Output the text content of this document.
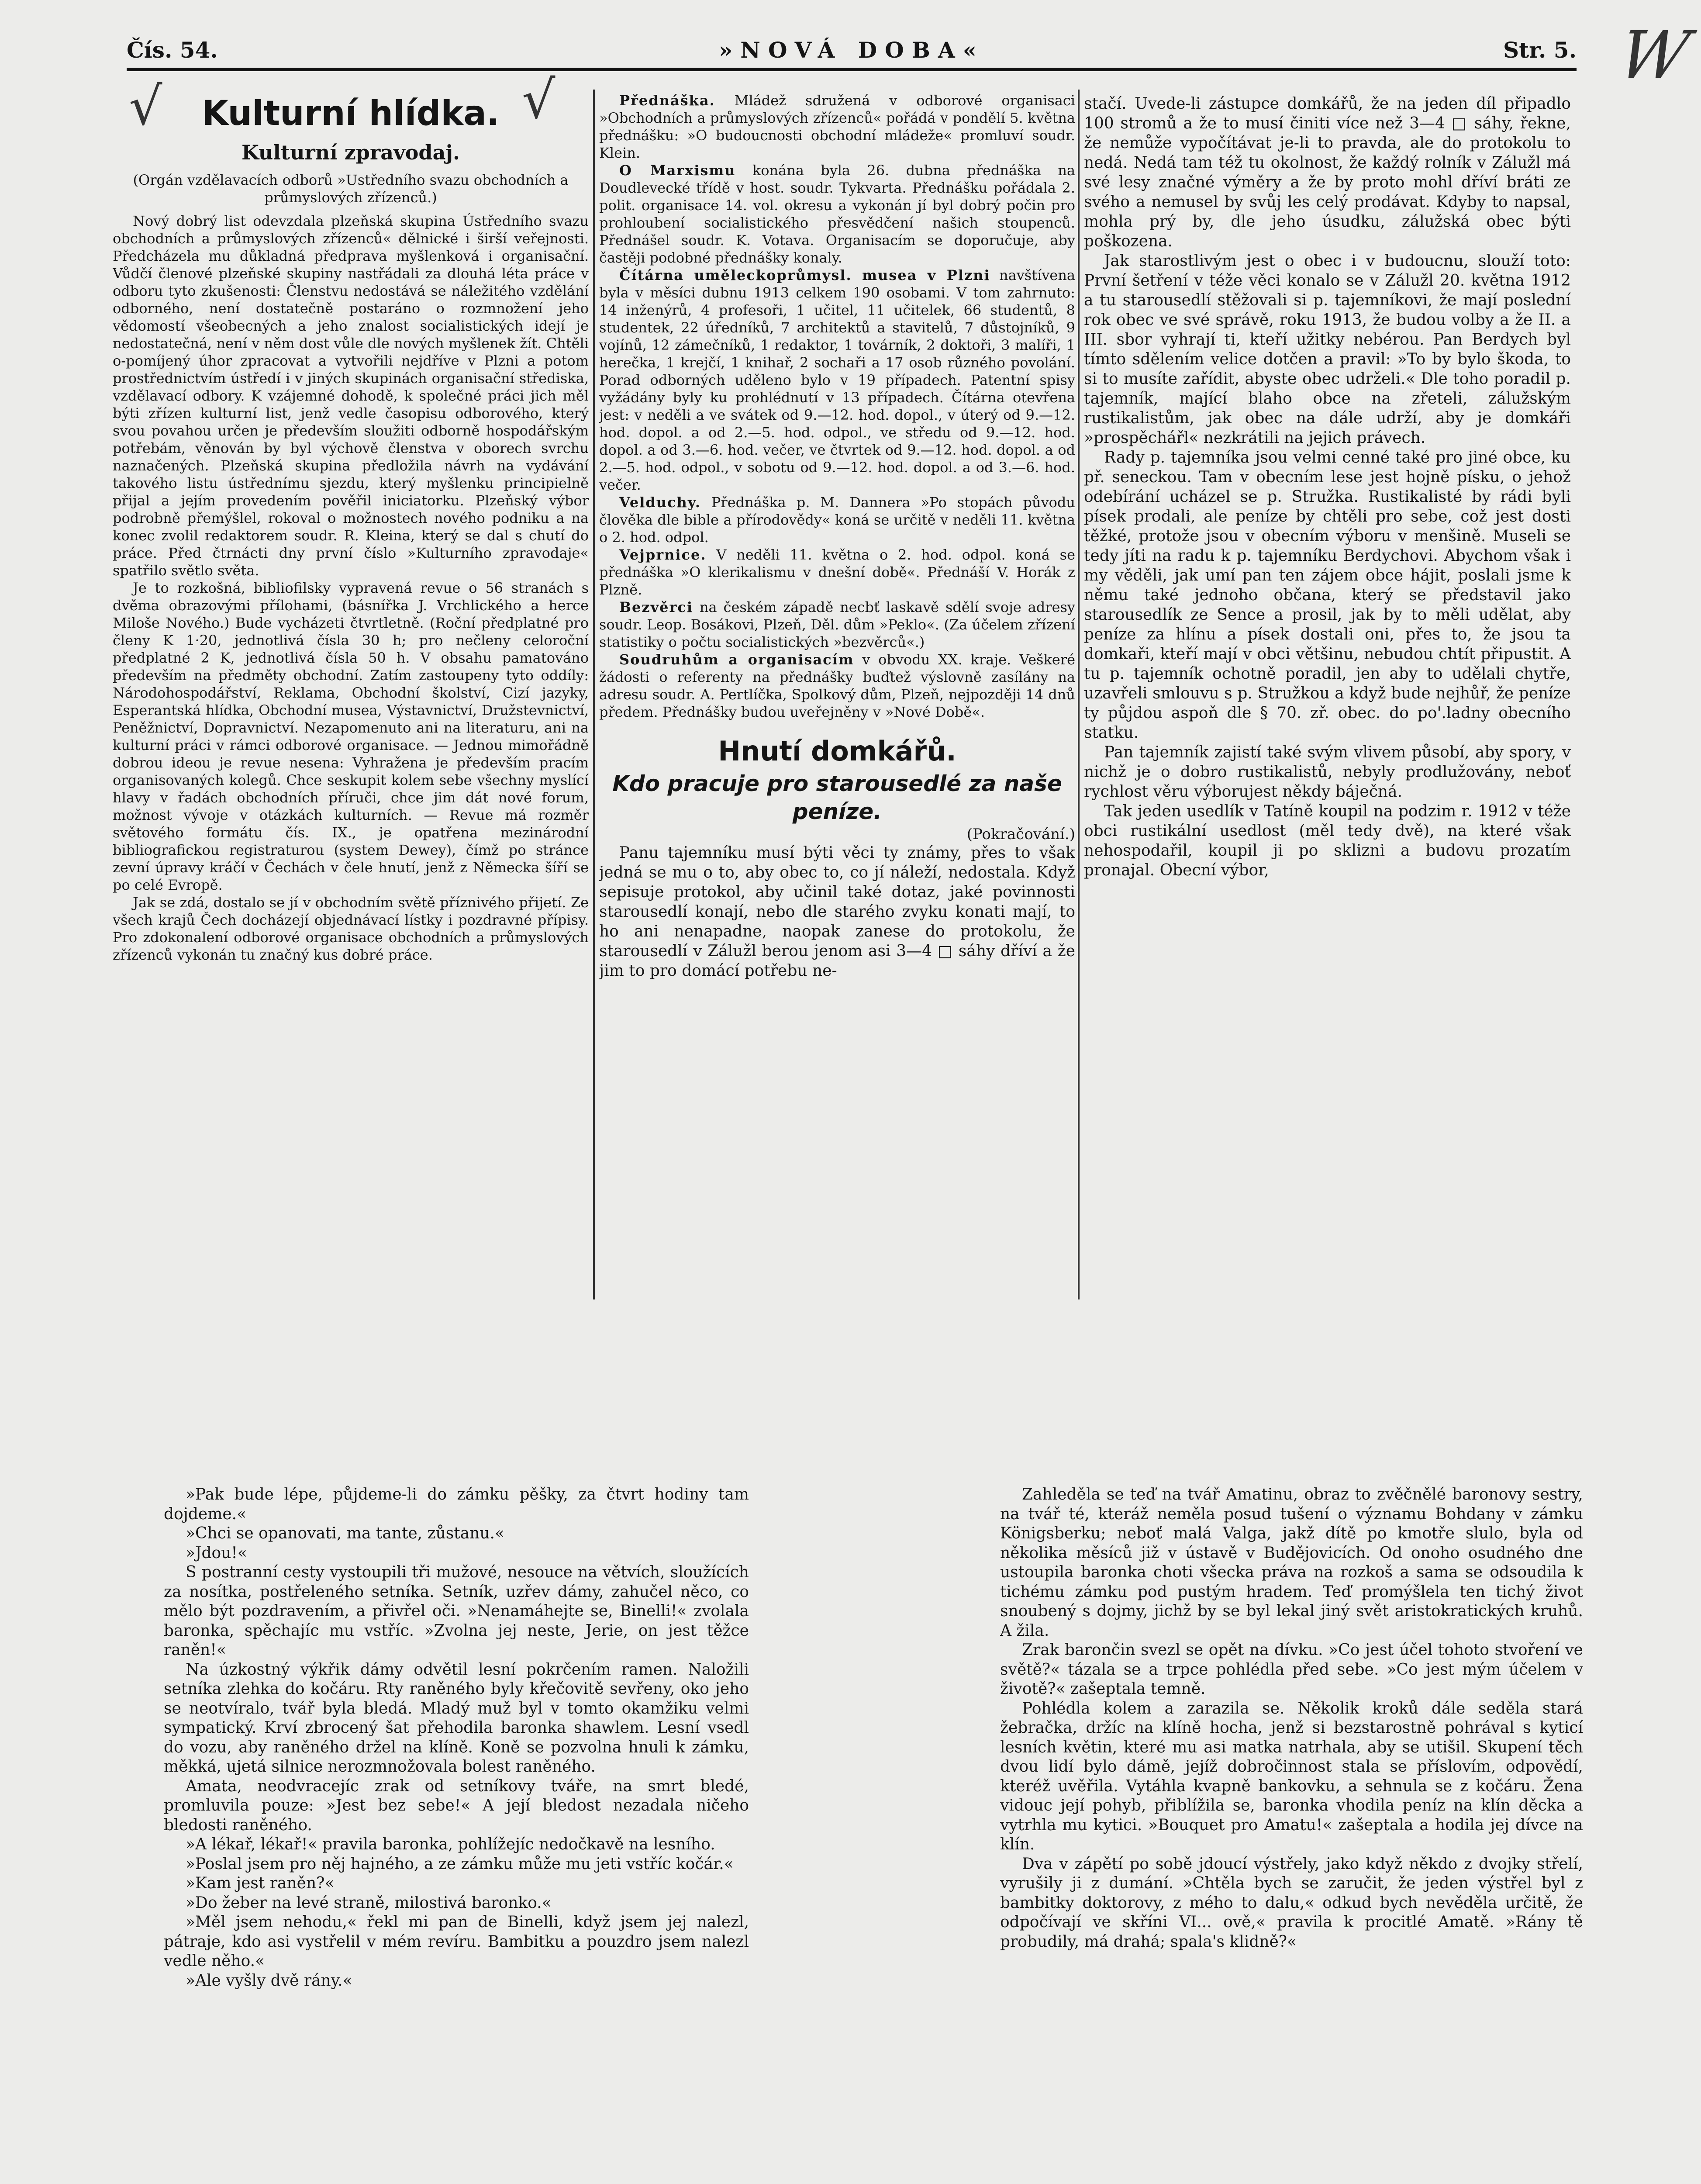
Čís. 54.	»NOVÁ DOBA«	Str. 5. W
√	√
Kulturní hlídka.
Kulturní zpravodaj.
(Orgán vzdělavacích odborů »Ustředního svazu obchodních a průmyslových zřízenců.)

Nový dobrý list odevzdala plzeňská skupina Ústředního svazu obchodních a průmyslových zřízenců« dělnické i širší veřejnosti. Předcházela mu důkladná předprava myšlenková i organisační. Vůdčí členové plzeňské skupiny nastřádali za dlouhá léta práce v odboru tyto zkušenosti: Členstvu nedostává se náležitého vzdělání odborného, není dostatečně postaráno o rozmnožení jeho vědomostí všeobecných a jeho znalost socialistických idejí je nedostatečná, není v něm dost vůle dle nových myšlenek žít. Chtěli o-pomíjený úhor zpracovat a vytvořili nejdříve v Plzni a potom prostřednictvím ústředí i v jiných skupinách organisační střediska, vzdělavací odbory. K vzájemné dohodě, k společné práci jich měl býti zřízen kulturní list, jenž vedle časopisu odborového, který svou povahou určen je především sloužiti odborně hospodářským potřebám, věnován by byl výchově členstva v oborech svrchu naznačených. Plzeňská skupina předložila návrh na vydávání takového listu ústřednímu sjezdu, který myšlenku principielně přijal a jejím provedením pověřil iniciatorku. Plzeňský výbor podrobně přemýšlel, rokoval o možnostech nového podniku a na konec zvolil redaktorem soudr. R. Kleina, který se dal s chutí do práce. Před čtrnácti dny první číslo »Kulturního zpravodaje« spatřilo světlo světa.

Je to rozkošná, bibliofilsky vypravená revue o 56 stranách s dvěma obrazovými přílohami, (básnířka J. Vrchlického a herce Miloše Nového.) Bude vycházeti čtvrtletně. (Roční předplatné pro členy K 1·20, jednotlivá čísla 30 h; pro nečleny celoroční předplatné 2 K, jednotlivá čísla 50 h. V obsahu pamatováno především na předměty obchodní. Zatím zastoupeny tyto oddíly: Národohospodářství, Reklama, Obchodní školství, Cizí jazyky, Esperantská hlídka, Obchodní musea, Výstavnictví, Družstevnictví, Peněžnictví, Dopravnictví. Nezapomenuto ani na literaturu, ani na kulturní práci v rámci odborové organisace. — Jednou mimořádně dobrou ideou je revue nesena: Vyhražena je především pracím organisovaných kolegů. Chce seskupit kolem sebe všechny myslící hlavy v řadách obchodních příruči, chce jim dát nové forum, možnost vývoje v otázkách kulturních. — Revue má rozměr světového formátu čís. IX., je opatřena mezinárodní bibliografickou registraturou (system Dewey), čímž po stránce zevní úpravy kráčí v Čechách v čele hnutí, jenž z Německa šíří se po celé Evropě.

Jak se zdá, dostalo se jí v obchodním světě příznivého přijetí. Ze všech krajů Čech docházejí objednávací lístky i pozdravné přípisy. Pro zdokonalení odborové organisace obchodních a průmyslových zřízenců vykonán tu značný kus dobré práce.

Přednáška. Mládež sdružená v odborové organisaci »Obchodních a průmyslových zřízenců« pořádá v pondělí 5. května přednášku: »O budoucnosti obchodní mládeže« promluví soudr. Klein.

O Marxismu konána byla 26. dubna přednáška na Doudlevecké třídě v host. soudr. Tykvarta. Přednášku pořádala 2. polit. organisace 14. vol. okresu a vykonán jí byl dobrý počin pro prohloubení socialistického přesvědčení našich stoupenců. Přednášel soudr. K. Votava. Organisacím se doporučuje, aby častěji podobné přednášky konaly.

Čítárna uměleckoprůmysl. musea v Plzni navštívena byla v měsíci dubnu 1913 celkem 190 osobami. V tom zahrnuto: 14 inženýrů, 4 profesoři, 1 učitel, 11 učitelek, 66 studentů, 8 studentek, 22 úředníků, 7 architektů a stavitelů, 7 důstojníků, 9 vojínů, 12 zámečníků, 1 redaktor, 1 továrník, 2 doktoři, 3 malíři, 1 herečka, 1 krejčí, 1 knihař, 2 sochaři a 17 osob různého povolání. Porad odborných uděleno bylo v 19 případech. Patentní spisy vyžádány byly ku prohlédnutí v 13 případech. Čítárna otevřena jest: v neděli a ve svátek od 9.—12. hod. dopol., v úterý od 9.—12. hod. dopol. a od 2.—5. hod. odpol., ve středu od 9.—12. hod. dopol. a od 3.—6. hod. večer, ve čtvrtek od 9.—12. hod. dopol. a od 2.—5. hod. odpol., v sobotu od 9.—12. hod. dopol. a od 3.—6. hod. večer.

Velduchy. Přednáška p. M. Dannera »Po stopách původu člověka dle bible a přírodovědy« koná se určitě v neděli 11. května o 2. hod. odpol.

Vejprnice. V neděli 11. května o 2. hod. odpol. koná se přednáška »O klerikalismu v dnešní době«. Přednáší V. Horák z Plzně.

Bezvěrci na českém západě necbť laskavě sdělí svoje adresy soudr. Leop. Bosákovi, Plzeň, Děl. dům »Peklo«. (Za účelem zřízení statistiky o počtu socialistických »bezvěrců«.)

Soudruhům a organisacím v obvodu XX. kraje. Veškeré žádosti o referenty na přednášky buďtež výslovně zasílány na adresu soudr. A. Pertlíčka, Spolkový dům, Plzeň, nejpozději 14 dnů předem. Přednášky budou uveřejněny v »Nové Době«.

Hnutí domkářů.
Kdo pracuje pro starousedlé za naše peníze.
(Pokračování.)

Panu tajemníku musí býti věci ty známy, přes to však jedná se mu o to, aby obec to, co jí náleží, nedostala. Když sepisuje protokol, aby učinil také dotaz, jaké povinnosti starousedlí konají, nebo dle starého zvyku konati mají, to ho ani nenapadne, naopak zanese do protokolu, že starousedlí v Zálužl berou jenom asi 3—4 □ sáhy dříví a že jim to pro domácí potřebu ne-

stačí. Uvede-li zástupce domkářů, že na jeden díl připadlo 100 stromů a že to musí činiti více než 3—4 □ sáhy, řekne, že nemůže vypočítávat je-li to pravda, ale do protokolu to nedá. Nedá tam též tu okolnost, že každý rolník v Zálužl má své lesy značné výměry a že by proto mohl dříví bráti ze svého a nemusel by svůj les celý prodávat. Kdyby to napsal, mohla prý by, dle jeho úsudku, zálužská obec býti poškozena.

Jak starostlivým jest o obec i v budoucnu, slouží toto: První šetření v téže věci konalo se v Zálužl 20. května 1912 a tu starousedlí stěžovali si p. tajemníkovi, že mají poslední rok obec ve své správě, roku 1913, že budou volby a že II. a III. sbor vyhrají ti, kteří užitky nebérou. Pan Berdych byl tímto sdělením velice dotčen a pravil: »To by bylo škoda, to si to musíte zařídit, abyste obec udrželi.« Dle toho poradil p. tajemník, mající blaho obce na zřeteli, zálužským rustikalistům, jak obec na dále udrží, aby je domkáři »prospěchářl« nezkrátili na jejich právech.

Rady p. tajemníka jsou velmi cenné také pro jiné obce, ku př. seneckou. Tam v obecním lese jest hojně písku, o jehož odebírání ucházel se p. Stružka. Rustikalisté by rádi byli písek prodali, ale peníze by chtěli pro sebe, což jest dosti těžké, protože jsou v obecním výboru v menšině. Museli se tedy jíti na radu k p. tajemníku Berdychovi. Abychom však i my věděli, jak umí pan ten zájem obce hájit, poslali jsme k němu také jednoho občana, který se představil jako starousedlík ze Sence a prosil, jak by to měli udělat, aby peníze za hlínu a písek dostali oni, přes to, že jsou ta domkaři, kteří mají v obci většinu, nebudou chtít připustit. A tu p. tajemník ochotně poradil, jen aby to udělali chytře, uzavřeli smlouvu s p. Stružkou a když bude nejhůř, že peníze ty půjdou aspoň dle § 70. zř. obec. do po'.ladny obecního statku.

Pan tajemník zajistí také svým vlivem působí, aby spory, v nichž je o dobro rustikalistů, nebyly prodlužovány, neboť rychlost věru výborujest někdy báječná.

Tak jeden usedlík v Tatíně koupil na podzim r. 1912 v téže obci rustikální usedlost (měl tedy dvě), na které však nehospodařil, koupil ji po sklizni a budovu prozatím pronajal. Obecní výbor,

»Pak bude lépe, půjdeme-li do zámku pěšky, za čtvrt hodiny tam dojdeme.«

»Chci se opanovati, ma tante, zůstanu.«

»Jdou!«

S postranní cesty vystoupili tři mužové, nesouce na větvích, sloužících za nosítka, postřeleného setníka. Setník, uzřev dámy, zahučel něco, co mělo být pozdravením, a přivřel oči. »Nenamáhejte se, Binelli!« zvolala baronka, spěchajíc mu vstříc. »Zvolna jej neste, Jerie, on jest těžce raněn!«

Na úzkostný výkřik dámy odvětil lesní pokrčením ramen. Naložili setníka zlehka do kočáru. Rty raněného byly křečovitě sevřeny, oko jeho se neotvíralo, tvář byla bledá. Mladý muž byl v tomto okamžiku velmi sympatický. Krví zbrocený šat přehodila baronka shawlem. Lesní vsedl do vozu, aby raněného držel na klíně. Koně se pozvolna hnuli k zámku, měkká, ujetá silnice nerozmnožovala bolest raněného.

Amata, neodvracejíc zrak od setníkovy tváře, na smrt bledé, promluvila pouze: »Jest bez sebe!« A její bledost nezadala ničeho bledosti raněného.

»A lékař, lékař!« pravila baronka, pohlížejíc nedočkavě na lesního.

»Poslal jsem pro něj hajného, a ze zámku může mu jeti vstříc kočár.«

»Kam jest raněn?«

»Do žeber na levé straně, milostivá baronko.«

»Měl jsem nehodu,« řekl mi pan de Binelli, když jsem jej nalezl, pátraje, kdo asi vystřelil v mém revíru. Bambitku a pouzdro jsem nalezl vedle něho.«

»Ale vyšly dvě rány.«

Zahleděla se teď na tvář Amatinu, obraz to zvěčnělé baronovy sestry, na tvář té, kteráž neměla posud tušení o významu Bohdany v zámku Königsberku; neboť malá Valga, jakž dítě po kmotře slulo, byla od několika měsíců již v ústavě v Budějovicích. Od onoho osudného dne ustoupila baronka choti všecka práva na rozkoš a sama se odsoudila k tichému zámku pod pustým hradem. Teď promýšlela ten tichý život snoubený s dojmy, jichž by se byl lekal jiný svět aristokratických kruhů. A žila.

Zrak barončin svezl se opět na dívku. »Co jest účel tohoto stvoření ve světě?« tázala se a trpce pohlédla před sebe. »Co jest mým účelem v životě?« zašeptala temně.

Pohlédla kolem a zarazila se. Několik kroků dále seděla stará žebračka, držíc na klíně hocha, jenž si bezstarostně pohrával s kyticí lesních květin, které mu asi matka natrhala, aby se utišil. Skupení těch dvou lidí bylo dámě, jejíž dobročinnost stala se příslovím, odpovědí, kteréž uvěřila. Vytáhla kvapně bankovku, a sehnula se z kočáru. Žena vidouc její pohyb, přiblížila se, baronka vhodila peníz na klín děcka a vytrhla mu kytici. »Bouquet pro Amatu!« zašeptala a hodila jej dívce na klín.

Dva v zápětí po sobě jdoucí výstřely, jako když někdo z dvojky střelí, vyrušily ji z dumání. »Chtěla bych se zaručit, že jeden výstřel byl z bambitky doktorovy, z mého to dalu,« odkud bych nevěděla určitě, že odpočívají ve skříni VI... ově,« pravila k procitlé Amatě. »Rány tě probudily, má drahá; spala's klidně?«
